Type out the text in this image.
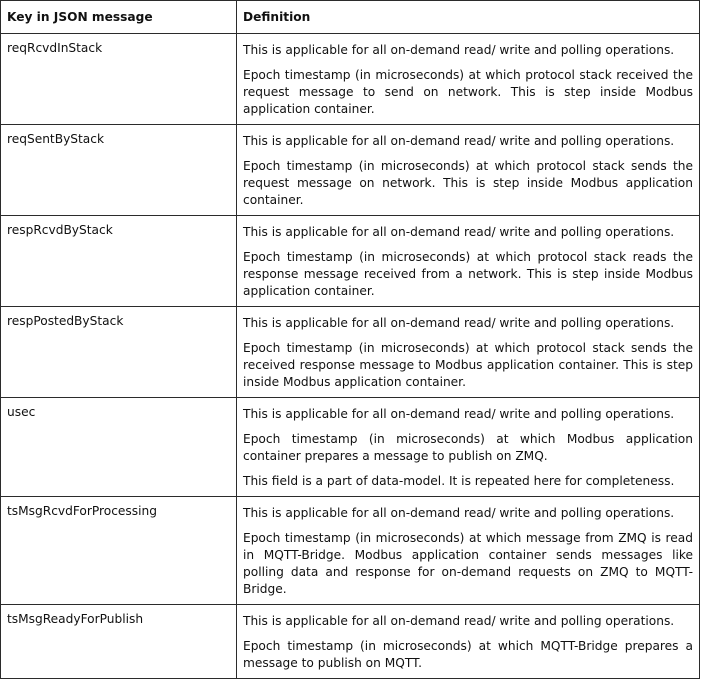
Key in JSON message	Definition
reqRcvdInStack	This is applicable for all on-demand read/ write and polling operations.

Epoch timestamp (in microseconds) at which protocol stack received the request message to send on network. This is step inside Modbus application container.

reqSentByStack	This is applicable for all on-demand read/ write and polling operations.

Epoch timestamp (in microseconds) at which protocol stack sends the request message on network. This is step inside Modbus application container.

respRcvdByStack	This is applicable for all on-demand read/ write and polling operations.

Epoch timestamp (in microseconds) at which protocol stack reads the response message received from a network. This is step inside Modbus application container.

respPostedByStack	This is applicable for all on-demand read/ write and polling operations.

Epoch timestamp (in microseconds) at which protocol stack sends the received response message to Modbus application container. This is step inside Modbus application container.

usec	This is applicable for all on-demand read/ write and polling operations.

Epoch timestamp (in microseconds) at which Modbus application container prepares a message to publish on ZMQ.

This field is a part of data-model. It is repeated here for completeness.

tsMsgRcvdForProcessing	This is applicable for all on-demand read/ write and polling operations.

Epoch timestamp (in microseconds) at which message from ZMQ is read in MQTT-Bridge. Modbus application container sends messages like polling data and response for on-demand requests on ZMQ to MQTT-Bridge.

tsMsgReadyForPublish	This is applicable for all on-demand read/ write and polling operations.

Epoch timestamp (in microseconds) at which MQTT-Bridge prepares a message to publish on MQTT.
